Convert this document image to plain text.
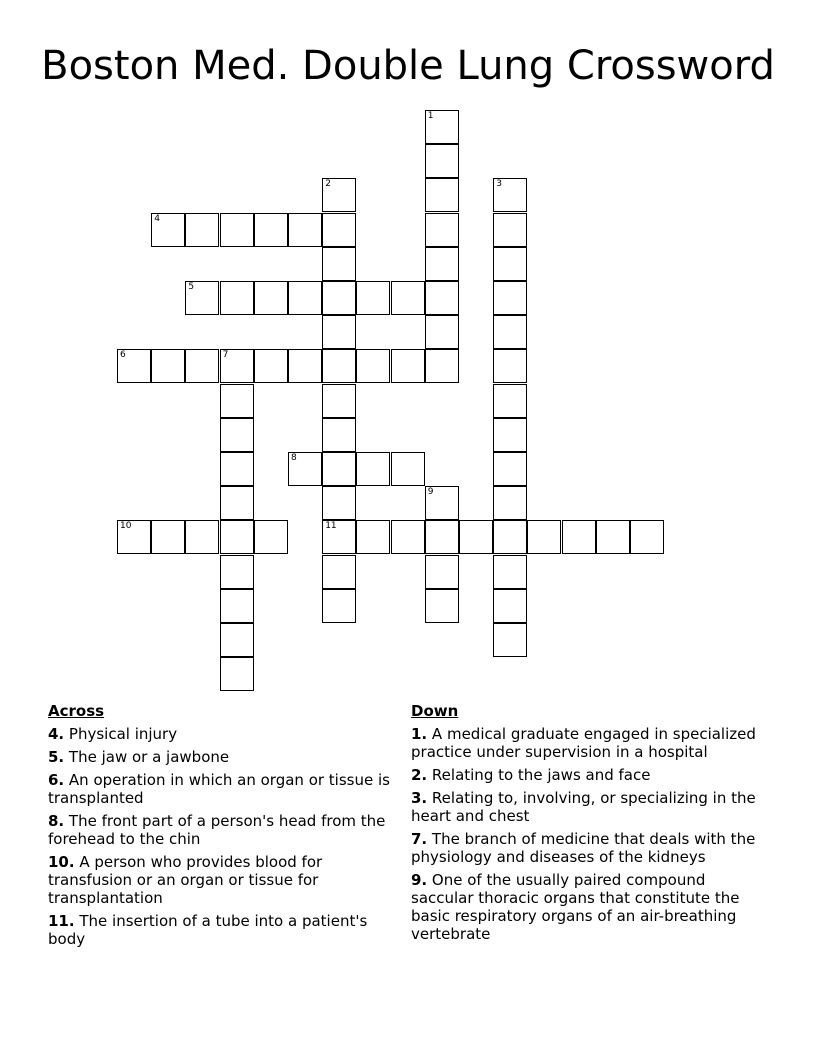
Boston Med. Double Lung Crossword
1
2	3
4
5
6	7
8
10	11
9
Across
4. Physical injury
5. The jaw or a jawbone
6. An operation in which an organ or tissue is transplanted
8. The front part of a person's head from the forehead to the chin
10. A person who provides blood for transfusion or an organ or tissue for transplantation
11. The insertion of a tube into a patient's body
Down
1. A medical graduate engaged in specialized practice under supervision in a hospital
2. Relating to the jaws and face
3. Relating to, involving, or specializing in the heart and chest
7. The branch of medicine that deals with the physiology and diseases of the kidneys
9. One of the usually paired compound saccular thoracic organs that constitute the basic respiratory organs of an air-breathing vertebrate
